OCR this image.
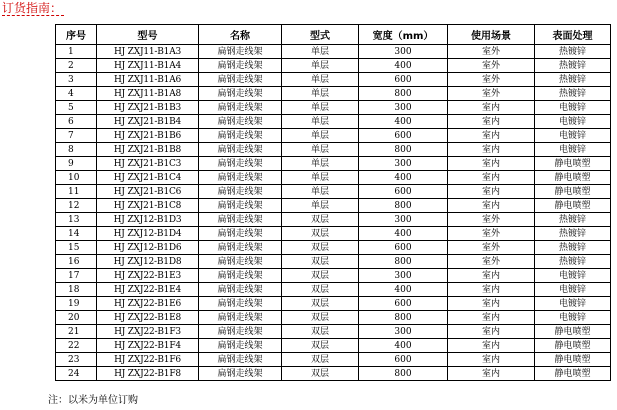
订货指南：
序号	型号	名称	型式	宽度（mm）	使用场景	表面处理
1	HJ ZXJ11-B1A3	扁钢走线架	单层	300	室外	热镀锌
2	HJ ZXJ11-B1A4	扁钢走线架	单层	400	室外	热镀锌
3	HJ ZXJ11-B1A6	扁钢走线架	单层	600	室外	热镀锌
4	HJ ZXJ11-B1A8	扁钢走线架	单层	800	室外	热镀锌
5	HJ ZXJ21-B1B3	扁钢走线架	单层	300	室内	电镀锌
6	HJ ZXJ21-B1B4	扁钢走线架	单层	400	室内	电镀锌
7	HJ ZXJ21-B1B6	扁钢走线架	单层	600	室内	电镀锌
8	HJ ZXJ21-B1B8	扁钢走线架	单层	800	室内	电镀锌
9	HJ ZXJ21-B1C3	扁钢走线架	单层	300	室内	静电喷塑
10	HJ ZXJ21-B1C4	扁钢走线架	单层	400	室内	静电喷塑
11	HJ ZXJ21-B1C6	扁钢走线架	单层	600	室内	静电喷塑
12	HJ ZXJ21-B1C8	扁钢走线架	单层	800	室内	静电喷塑
13	HJ ZXJ12-B1D3	扁钢走线架	双层	300	室外	热镀锌
14	HJ ZXJ12-B1D4	扁钢走线架	双层	400	室外	热镀锌
15	HJ ZXJ12-B1D6	扁钢走线架	双层	600	室外	热镀锌
16	HJ ZXJ12-B1D8	扁钢走线架	双层	800	室外	热镀锌
17	HJ ZXJ22-B1E3	扁钢走线架	双层	300	室内	电镀锌
18	HJ ZXJ22-B1E4	扁钢走线架	双层	400	室内	电镀锌
19	HJ ZXJ22-B1E6	扁钢走线架	双层	600	室内	电镀锌
20	HJ ZXJ22-B1E8	扁钢走线架	双层	800	室内	电镀锌
21	HJ ZXJ22-B1F3	扁钢走线架	双层	300	室内	静电喷塑
22	HJ ZXJ22-B1F4	扁钢走线架	双层	400	室内	静电喷塑
23	HJ ZXJ22-B1F6	扁钢走线架	双层	600	室内	静电喷塑
24	HJ ZXJ22-B1F8	扁钢走线架	双层	800	室内	静电喷塑
注：以米为单位订购
